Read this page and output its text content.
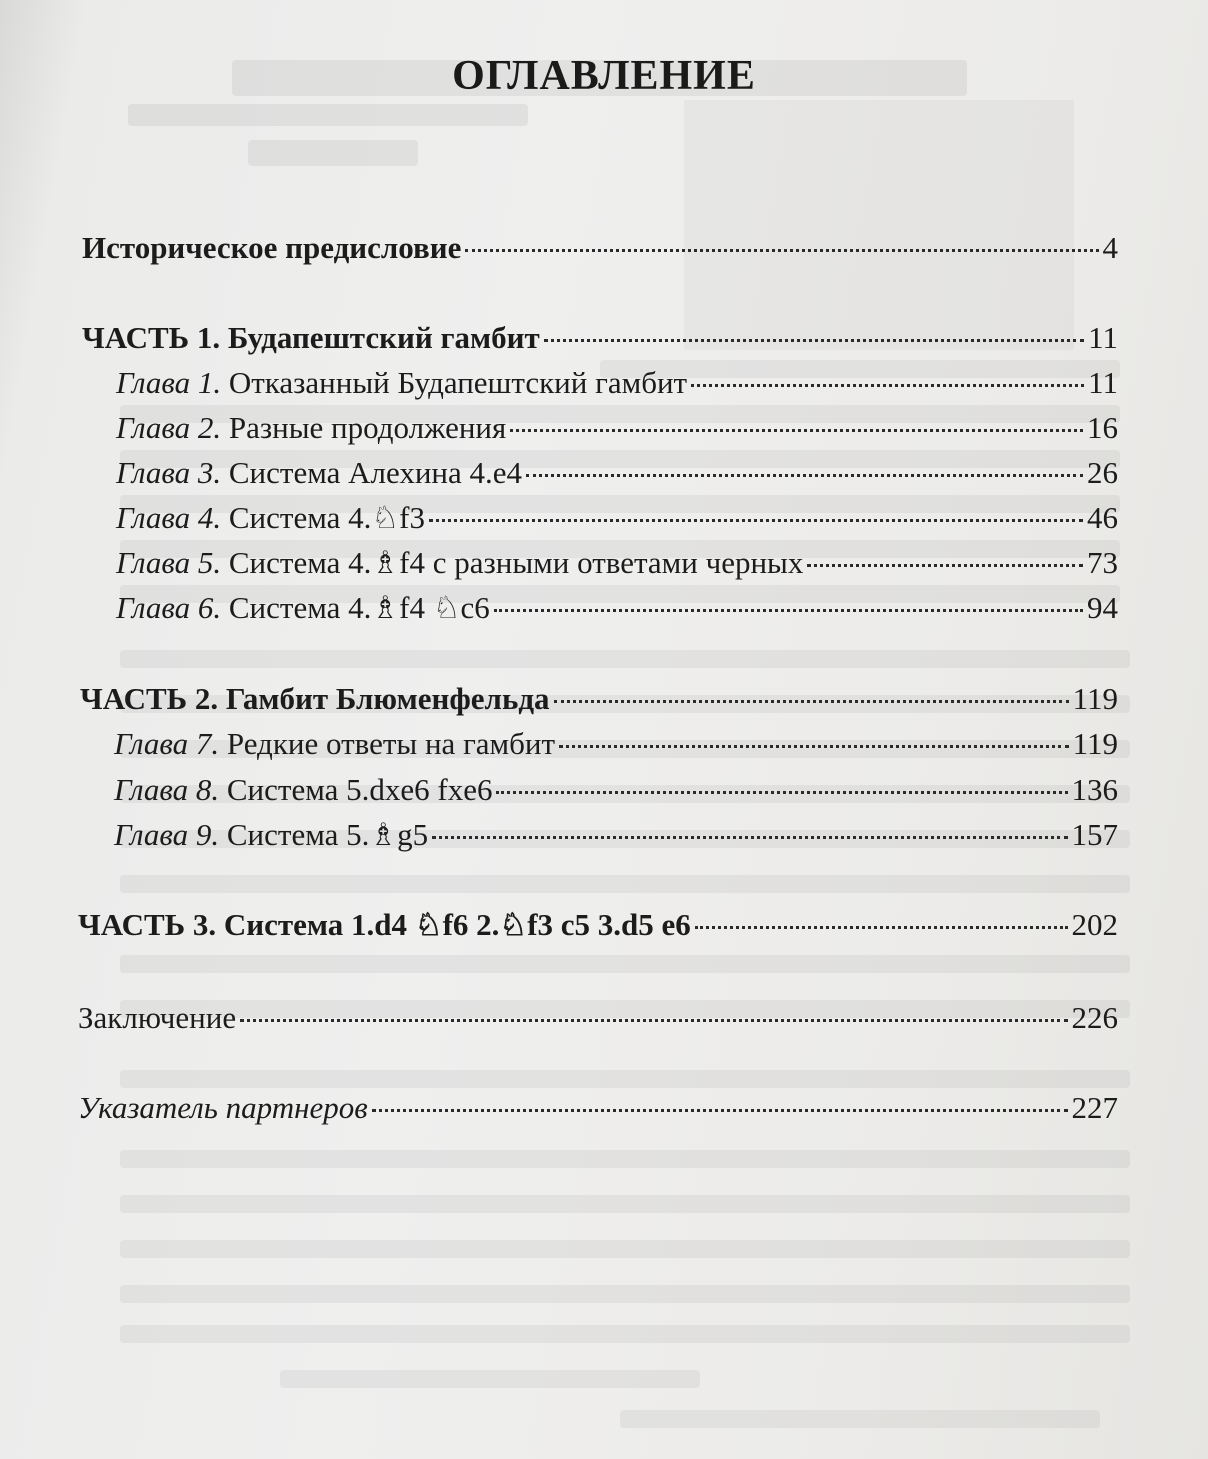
ОГЛАВЛЕНИЕ
Историческое предисловие	4
ЧАСТЬ 1. Будапештский гамбит	11
Глава 1. Отказанный Будапештский гамбит	11
Глава 2. Разные продолжения	16
Глава 3. Система Алехина 4.e4	26
Глава 4. Система 4.♘f3	46
Глава 5. Система 4.♗f4 с разными ответами черных	73
Глава 6. Система 4.♗f4 ♘c6	94
ЧАСТЬ 2. Гамбит Блюменфельда	119
Глава 7. Редкие ответы на гамбит	119
Глава 8. Система 5.dxe6 fxe6	136
Глава 9. Система 5.♗g5	157
ЧАСТЬ 3. Система 1.d4 ♘f6 2.♘f3 c5 3.d5 e6	202
Заключение	226
Указатель партнеров	227
